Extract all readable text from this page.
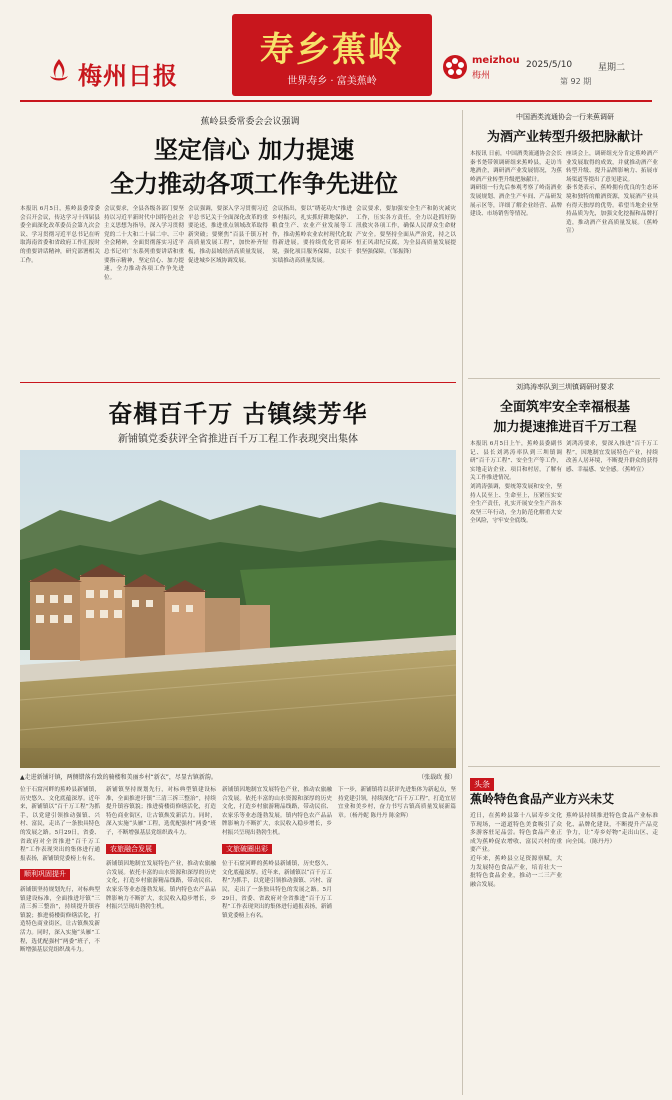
梅州日报
寿乡蕉岭
世界寿乡 · 富美蕉岭
meizhou
梅州
2025/5/10	星期二
第 92 期
蕉岭县委常委会会议强调
坚定信心 加力提速
全力推动各项工作争先进位

本报讯 6月5日，蕉岭县委常委会召开会议，传达学习十四届县委全面深化改革委员会第九次会议、学习贯彻习近平总书记在听取海南省委和省政府工作汇报时的重要讲话精神，研究部署相关工作。

会议要求，全县各级各部门要坚持以习近平新时代中国特色社会主义思想为指导，深入学习贯彻党的二十大和二十届二中、三中全会精神，全面贯彻落实习近平总书记对广东系列重要讲话和重要指示精神，坚定信心、加力提速，全力推动各项工作争先进位。

会议强调，要深入学习贯彻习近平总书记关于全面深化改革的重要论述，推进重点领域改革取得新突破；要聚焦“百县千镇万村高质量发展工程”，加快补齐短板，推动县域经济高质量发展，促进城乡区域协调发展。

会议指出，要以“绣花功夫”推进乡村振兴，扎实抓好耕地保护、粮食生产、农业产业发展等工作，推动蕉岭农业农村现代化取得新进展。要持续优化营商环境，强化项目服务保障，以实干实绩推动高质量发展。

会议要求，要加强安全生产和防灾减灾工作，压实各方责任，全力以赴抓好防汛救灾各项工作，确保人民群众生命财产安全。要坚持全面从严治党，持之以恒正风肃纪反腐，为全县高质量发展提供坚强保障。（邹振锋）

奋楫百千万 古镇续芳华
新铺镇党委获评全省推进百千万工程工作表现突出集体
▲走进新铺圩镇，两侧错落有致的骑楼和美丽乡村“新衣”，尽显古镇新韵。	（张载政 摄）

位于石窟河畔的蕉岭县新铺镇，历史悠久、文化底蕴深厚。近年来，新铺镇以“百千万工程”为抓手，以党建引领推动强镇、兴村、富民，走出了一条独具特色的发展之路。5月29日，省委、省政府对全省推进“百千万工程”工作表现突出的集体进行通报表扬，新铺镇党委榜上有名。

顺利巩固提升

新铺镇坚持规划先行，对标典型镇建设标准，全面推进圩镇“三清三拆三整治”，持续提升镇容镇貌；推进骑楼街修缮活化，打造特色商业街区，让古镇焕发新活力。同时，深入实施“头雁”工程，选优配强村“两委”班子，不断增强基层党组织战斗力。

新铺镇坚持规划先行，对标典型镇建设标准，全面推进圩镇“三清三拆三整治”，持续提升镇容镇貌；推进骑楼街修缮活化，打造特色商业街区，让古镇焕发新活力。同时，深入实施“头雁”工程，选优配强村“两委”班子，不断增强基层党组织战斗力。

农旅融合发展

新铺镇因地制宜发展特色产业，推动农旅融合发展。依托丰富的山水资源和深厚的历史文化，打造乡村旅游精品线路，带动民宿、农家乐等业态蓬勃发展。镇内特色农产品品牌影响力不断扩大，农民收入稳步增长，乡村振兴呈现出勃勃生机。

新铺镇因地制宜发展特色产业，推动农旅融合发展。依托丰富的山水资源和深厚的历史文化，打造乡村旅游精品线路，带动民宿、农家乐等业态蓬勃发展。镇内特色农产品品牌影响力不断扩大，农民收入稳步增长，乡村振兴呈现出勃勃生机。

文旅破圈出彩

位于石窟河畔的蕉岭县新铺镇，历史悠久、文化底蕴深厚。近年来，新铺镇以“百千万工程”为抓手，以党建引领推动强镇、兴村、富民，走出了一条独具特色的发展之路。5月29日，省委、省政府对全省推进“百千万工程”工作表现突出的集体进行通报表扬，新铺镇党委榜上有名。

下一步，新铺镇将以获评先进集体为新起点，坚持党建引领，持续深化“百千万工程”，打造宜居宜业和美乡村，奋力书写古镇高质量发展新篇章。（杨丹妮 陈丹丹 陈金辉）

中国酒类流通协会一行来蕉调研
为酒产业转型升级把脉献计

本报讯 日前，中国酒类流通协会会长秦书尧带领调研组来蕉岭县，走访当地酒企，调研酒产业发展情况，为蕉岭酒产业转型升级把脉献计。

调研组一行先后参观考察了岭南酒业发展规划、酒企生产车间、产品研发展示区等，详细了解企业经营、品牌建设、市场销售等情况。

座谈会上，调研组充分肯定蕉岭酒产业发展取得的成效，并就推动酒产业转型升级、提升品牌影响力、拓展市场渠道等提出了意见建议。

秦书尧表示，蕉岭拥有优良的生态环境和独特的酿酒资源，发展酒产业具有得天独厚的优势。希望当地企业坚持品质为先，加强文化挖掘和品牌打造，推动酒产业高质量发展。（蕉岭宣）

刘鸿涛率队到三圳镇调研时要求
全面筑牢安全幸福根基
加力提速推进百千万工程

本报讯 6月5日上午，蕉岭县委副书记、县长刘鸿涛率队到三圳镇调研“百千万工程”、安全生产等工作，实地走访企业、项目和村居，了解有关工作推进情况。

刘鸿涛强调，要统筹发展和安全，坚持人民至上、生命至上，压紧压实安全生产责任，扎实开展安全生产治本攻坚三年行动，全力防范化解重大安全风险，守牢安全底线。

刘鸿涛要求，要深入推进“百千万工程”，因地制宜发展特色产业，持续改善人居环境，不断提升群众的获得感、幸福感、安全感。（蕉岭宣）

头条
蕉岭特色食品产业方兴未艾

近日，在蕉岭县第十八届寿乡文化节现场，一道道特色美食吸引了众多游客驻足品尝。特色食品产业正成为蕉岭促农增收、富民兴村的重要产业。

近年来，蕉岭县立足资源禀赋，大力发展特色食品产业，培育壮大一批特色食品企业，推动一二三产业融合发展。

蕉岭县持续推进特色食品产业标准化、品牌化建设，不断提升产品竞争力，让“寿乡好物”走出山区、走向全国。（陈丹丹）
